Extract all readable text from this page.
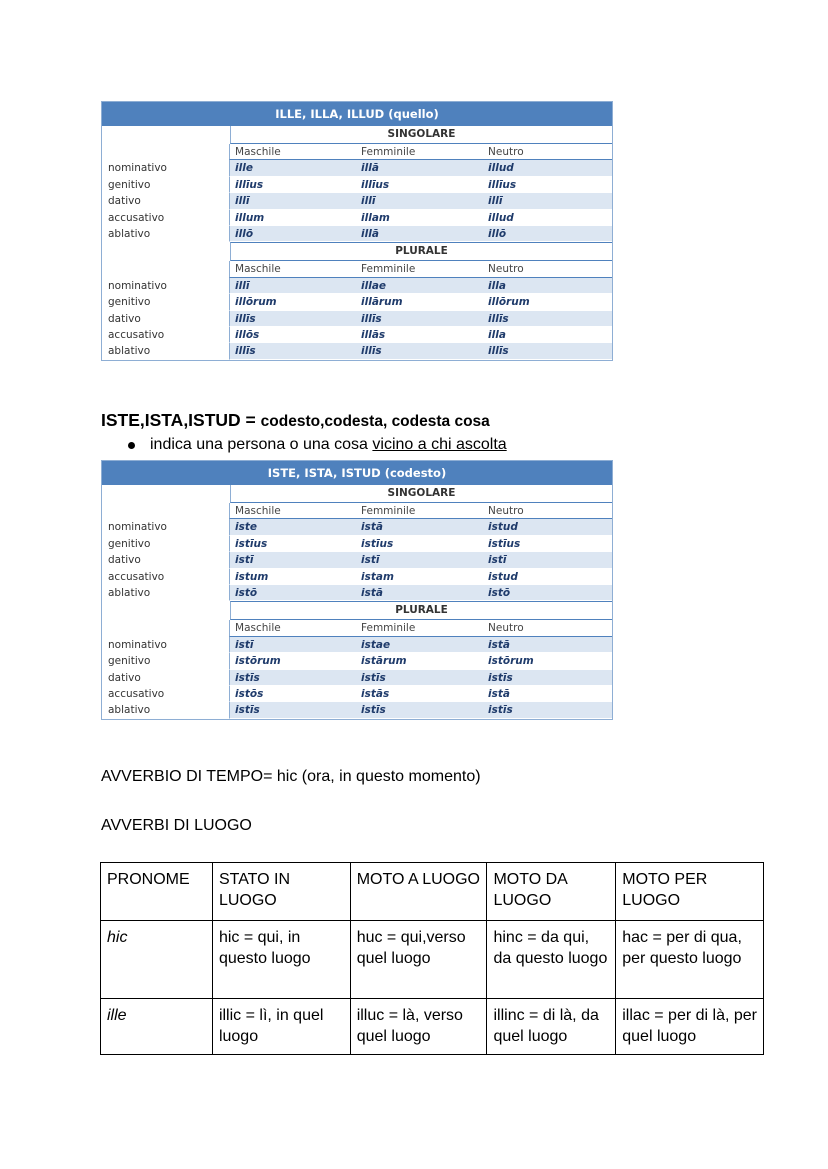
ILLE, ILLA, ILLUD (quello)
SINGOLARE
Maschile	Femminile	Neutro
nominativo	ille	illā	illud
genitivo	illīus	illīus	illīus
dativo	illī	illī	illī
accusativo	illum	illam	illud
ablativo	illō	illā	illō
PLURALE
Maschile	Femminile	Neutro
nominativo	illī	illae	illa
genitivo	illōrum	illārum	illōrum
dativo	illīs	illīs	illīs
accusativo	illōs	illās	illa
ablativo	illīs	illīs	illīs
ISTE,ISTA,ISTUD = codesto,codesta, codesta cosa
indica una persona o una cosa vicino a chi ascolta
ISTE, ISTA, ISTUD (codesto)
SINGOLARE
Maschile	Femminile	Neutro
nominativo	iste	istā	istud
genitivo	istīus	istīus	istīus
dativo	istī	istī	istī
accusativo	istum	istam	istud
ablativo	istō	istā	istō
PLURALE
Maschile	Femminile	Neutro
nominativo	istī	istae	istā
genitivo	istōrum	istārum	istōrum
dativo	istīs	istīs	istīs
accusativo	istōs	istās	istā
ablativo	istīs	istīs	istīs
AVVERBIO DI TEMPO= hic (ora, in questo momento)
AVVERBI DI LUOGO
PRONOME	STATO IN LUOGO	MOTO A LUOGO	MOTO DA LUOGO	MOTO PER LUOGO
hic	hic = qui, in questo luogo	huc = qui,verso quel luogo	hinc = da qui, da questo luogo	hac = per di qua, per questo luogo
ille	illic = lì, in quel luogo	illuc = là, verso quel luogo	illinc = di là, da quel luogo	illac = per di là, per quel luogo
